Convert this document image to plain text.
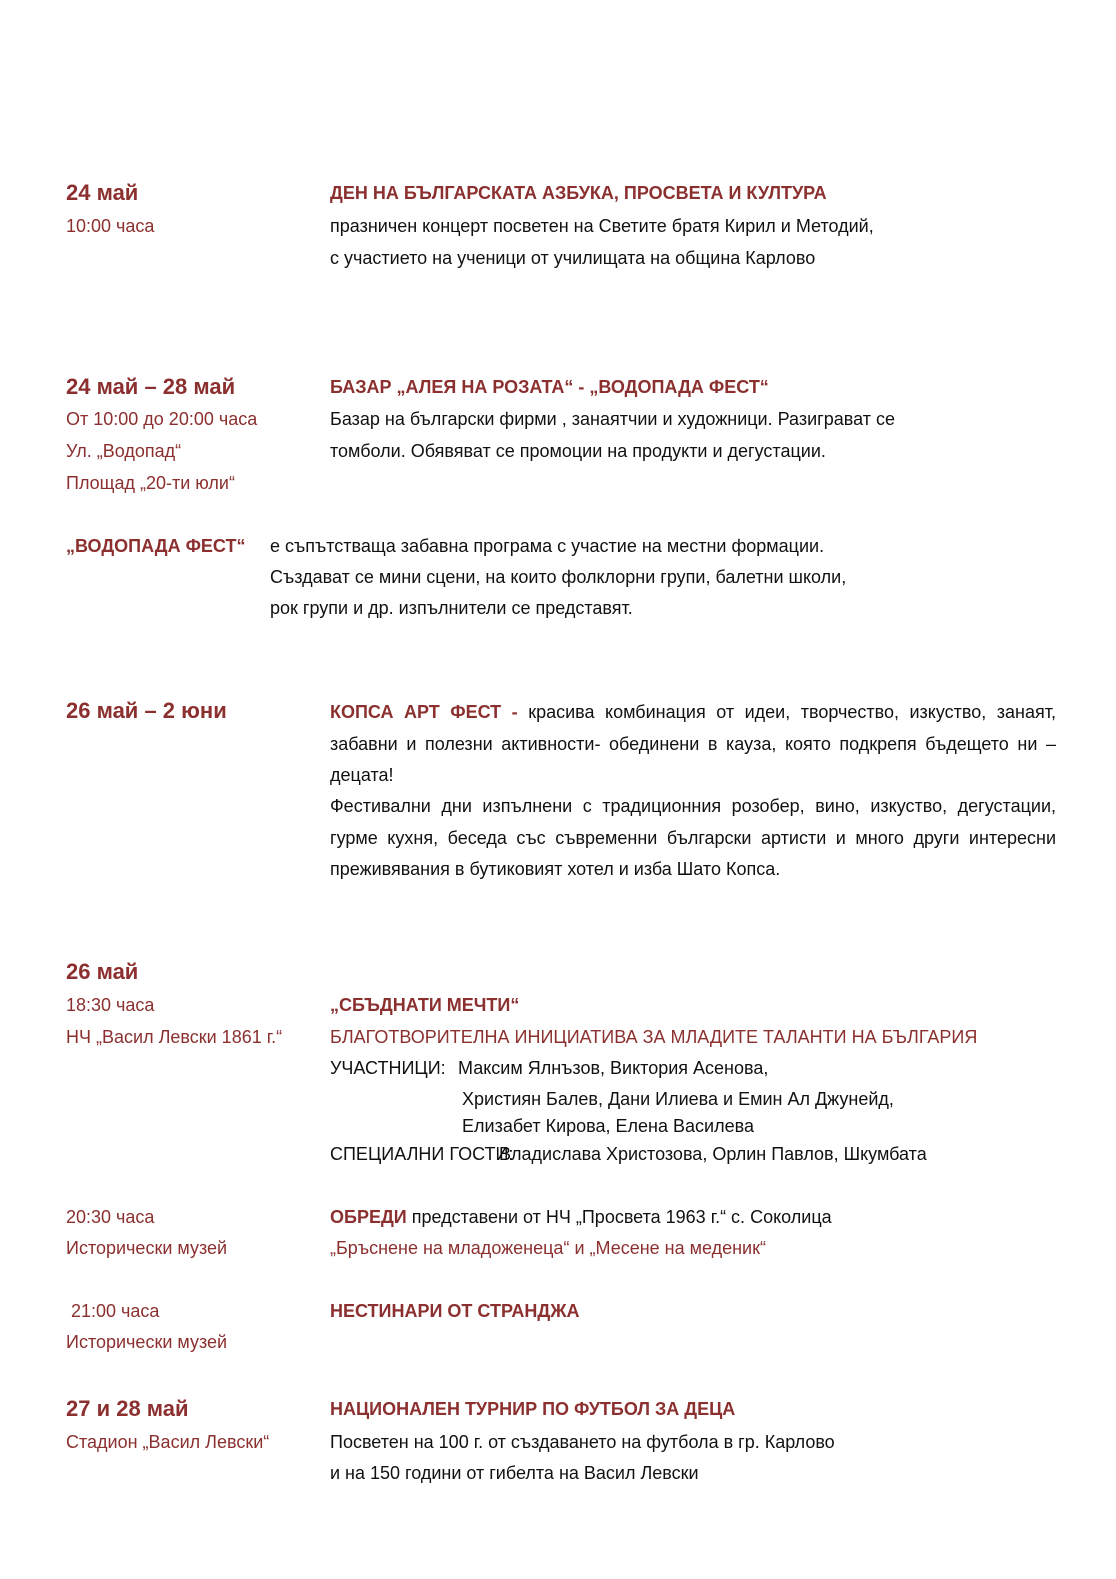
24 май
10:00 часа
ДЕН НА БЪЛГАРСКАТА АЗБУКА, ПРОСВЕТА И КУЛТУРА
празничен концерт посветен на Светите братя Кирил и Методий,
с участието на ученици от училищата на община Карлово
24 май – 28 май
От 10:00 до 20:00 часа
Ул. „Водопад“
Площад „20-ти юли“
БАЗАР „АЛЕЯ НА РОЗАТА“ - „ВОДОПАДА ФЕСТ“
Базар на български фирми , занаятчии и художници. Разиграват се
томболи. Обявяват се промоции на продукти и дегустации.
„ВОДОПАДА ФЕСТ“ е съпътстваща забавна програма с участие на местни формации.
Създават се мини сцени, на които фолклорни групи, балетни школи,
рок групи и др. изпълнители се представят.
26 май – 2 юни	КОПСА АРТ ФЕСТ - красива комбинация от идеи, творчество, изкуство, занаят, забавни и полезни активности- обединени в кауза, която подкрепя бъдещето ни – децата!
Фестивални дни изпълнени с традиционния розобер, вино, изкуство, дегустации, гурме кухня, беседа със съвременни български артисти и много други интересни преживявания в бутиковият хотел и изба Шато Копса.
26 май
18:30 часа
НЧ „Васил Левски 1861 г.“
„СБЪДНАТИ МЕЧТИ“
БЛАГОТВОРИТЕЛНА ИНИЦИАТИВА ЗА МЛАДИТЕ ТАЛАНТИ НА БЪЛГАРИЯ
УЧАСТНИЦИ: Максим Ялнъзов, Виктория Асенова,
Християн Балев, Дани Илиева и Емин Ал Джунейд,
Елизабет Кирова, Елена Василева
СПЕЦИАЛНИ ГОСТИ:
Владислава Христозова, Орлин Павлов, Шкумбата
20:30 часа
Исторически музей
ОБРЕДИ представени от НЧ „Просвета 1963 г.“ с. Соколица
„Бръснене на младоженеца“ и „Месене на меденик“
21:00 часа
Исторически музей
НЕСТИНАРИ ОТ СТРАНДЖА
27 и 28 май
Стадион „Васил Левски“
НАЦИОНАЛЕН ТУРНИР ПО ФУТБОЛ ЗА ДЕЦА
Посветен на 100 г. от създаването на футбола в гр. Карлово
и на 150 години от гибелта на Васил Левски
